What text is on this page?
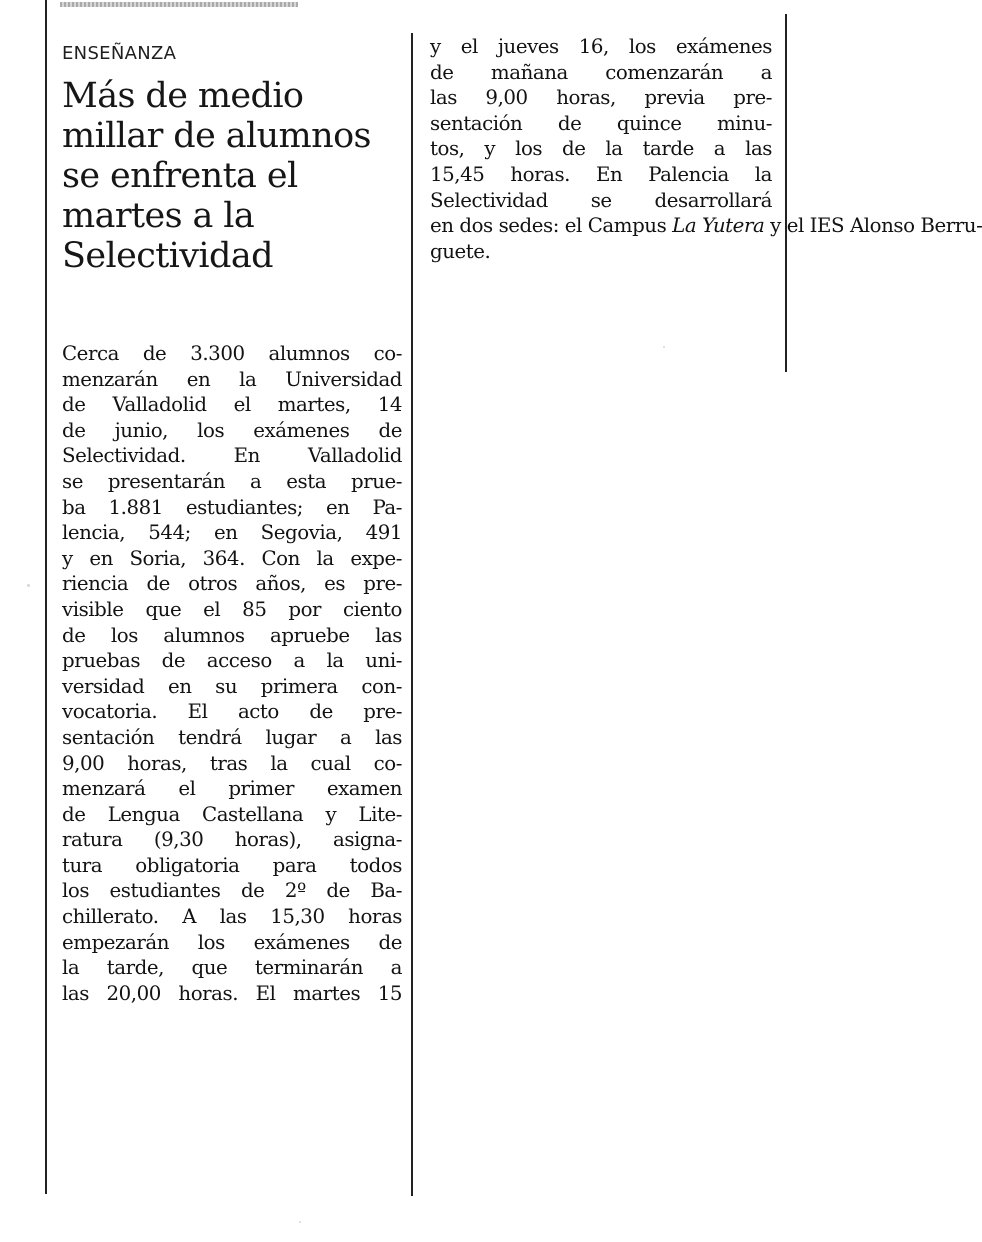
ENSEÑANZA
Más de medio
millar de alumnos
se enfrenta el
martes a la
Selectividad
Cerca de 3.300 alumnos co-
menzarán en la Universidad
de Valladolid el martes, 14
de junio, los exámenes de
Selectividad. En Valladolid
se presentarán a esta prue-
ba 1.881 estudiantes; en Pa-
lencia, 544; en Segovia, 491
y en Soria, 364. Con la expe-
riencia de otros años, es pre-
visible que el 85 por ciento
de los alumnos apruebe las
pruebas de acceso a la uni-
versidad en su primera con-
vocatoria. El acto de pre-
sentación tendrá lugar a las
9,00 horas, tras la cual co-
menzará el primer examen
de Lengua Castellana y Lite-
ratura (9,30 horas), asigna-
tura obligatoria para todos
los estudiantes de 2º de Ba-
chillerato. A las 15,30 horas
empezarán los exámenes de
la tarde, que terminarán a
las 20,00 horas. El martes 15
y el jueves 16, los exámenes
de mañana comenzarán a
las 9,00 horas, previa pre-
sentación de quince minu-
tos, y los de la tarde a las
15,45 horas. En Palencia la
Selectividad se desarrollará
en dos sedes: el Campus La Yutera y el IES Alonso Berru-
guete.
